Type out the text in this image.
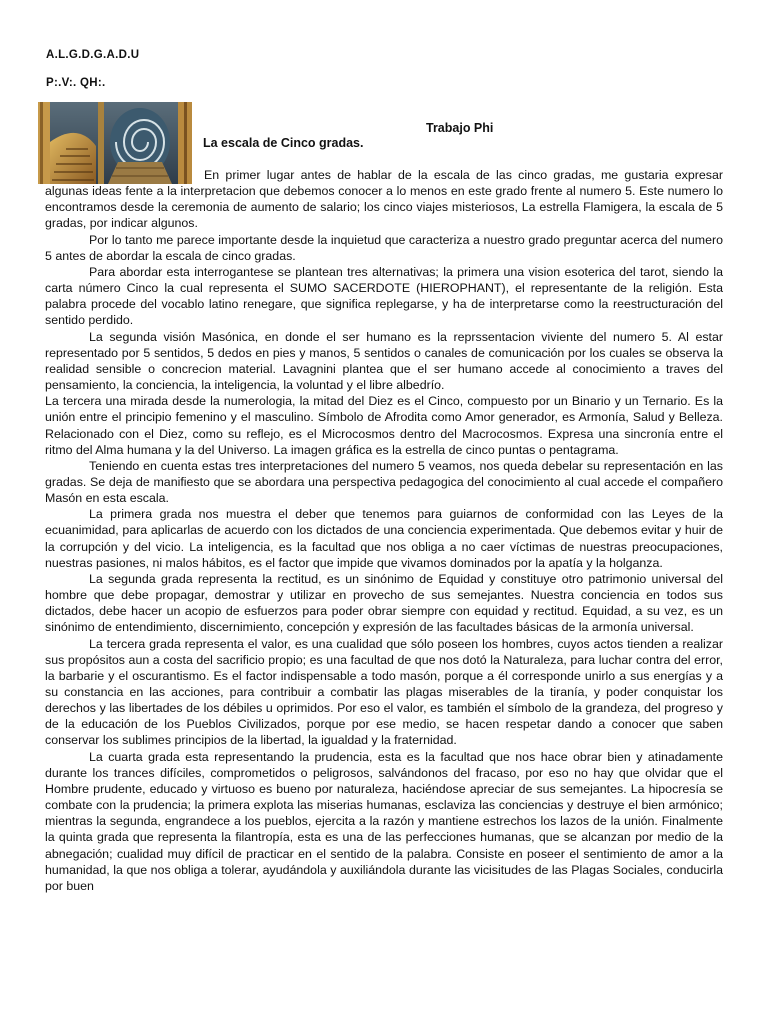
A.L.G.D.G.A.D.U
P:.V:. QH:.
Trabajo Phi
La escala de Cinco gradas.

En primer lugar antes de hablar de la escala de las cinco gradas, me gustaria expresar algunas ideas fente a la interpretacion que debemos conocer a lo menos en este grado frente al numero 5. Este numero lo encontramos desde la ceremonia de aumento de salario; los cinco viajes misteriosos, La estrella Flamigera, la escala de 5 gradas, por indicar algunos.

Por lo tanto me parece importante desde la inquietud que caracteriza a nuestro grado preguntar acerca del numero 5 antes de abordar la escala de cinco gradas.

Para abordar esta interrogantese se plantean tres alternativas; la primera una vision esoterica del tarot, siendo la carta número Cinco la cual representa el SUMO SACERDOTE (HIEROPHANT), el representante de la religión. Esta palabra procede del vocablo latino renegare, que significa replegarse, y ha de interpretarse como la reestructuración del sentido perdido.

La segunda visión Masónica, en donde el ser humano es la reprssentacion viviente del numero 5. Al estar representado por 5 sentidos, 5 dedos en pies y manos, 5 sentidos o canales de comunicación por los cuales se observa la realidad sensible o concrecion material. Lavagnini plantea que el ser humano accede al conocimiento a traves del pensamiento, la conciencia, la inteligencia, la voluntad y el libre albedrío.

La tercera una mirada desde la numerologia, la mitad del Diez es el Cinco, compuesto por un Binario y un Ternario. Es la unión entre el principio femenino y el masculino. Símbolo de Afrodita como Amor generador, es Armonía, Salud y Belleza. Relacionado con el Diez, como su reflejo, es el Microcosmos dentro del Macrocosmos. Expresa una sincronía entre el ritmo del Alma humana y la del Universo. La imagen gráfica es la estrella de cinco puntas o pentagrama.

Teniendo en cuenta estas tres interpretaciones del numero 5 veamos, nos queda debelar su representación en las gradas. Se deja de manifiesto que se abordara una perspectiva pedagogica del conocimiento al cual accede el compañero Masón en esta escala.

La primera grada nos muestra el deber que tenemos para guiarnos de conformidad con las Leyes de la ecuanimidad, para aplicarlas de acuerdo con los dictados de una conciencia experimentada. Que debemos evitar y huir de la corrupción y del vicio. La inteligencia, es la facultad que nos obliga a no caer víctimas de nuestras preocupaciones, nuestras pasiones, ni malos hábitos, es el factor que impide que vivamos dominados por la apatía y la holganza.

La segunda grada representa la rectitud, es un sinónimo de Equidad y constituye otro patrimonio universal del hombre que debe propagar, demostrar y utilizar en provecho de sus semejantes. Nuestra conciencia en todos sus dictados, debe hacer un acopio de esfuerzos para poder obrar siempre con equidad y rectitud. Equidad, a su vez, es un sinónimo de entendimiento, discernimiento, concepción y expresión de las facultades básicas de la armonía universal.

La tercera grada representa el valor, es una cualidad que sólo poseen los hombres, cuyos actos tienden a realizar sus propósitos aun a costa del sacrificio propio; es una facultad de que nos dotó la Naturaleza, para luchar contra del error, la barbarie y el oscurantismo. Es el factor indispensable a todo masón, porque a él corresponde unirlo a sus energías y a su constancia en las acciones, para contribuir a combatir las plagas miserables de la tiranía, y poder conquistar los derechos y las libertades de los débiles u oprimidos. Por eso el valor, es también el símbolo de la grandeza, del progreso y de la educación de los Pueblos Civilizados, porque por ese medio, se hacen respetar dando a conocer que saben conservar los sublimes principios de la libertad, la igualdad y la fraternidad.

La cuarta grada esta representando la prudencia, esta es la facultad que nos hace obrar bien y atinadamente durante los trances difíciles, comprometidos o peligrosos, salvándonos del fracaso, por eso no hay que olvidar que el Hombre prudente, educado y virtuoso es bueno por naturaleza, haciéndose apreciar de sus semejantes. La hipocresía se combate con la prudencia; la primera explota las miserias humanas, esclaviza las conciencias y destruye el bien armónico; mientras la segunda, engrandece a los pueblos, ejercita a la razón y mantiene estrechos los lazos de la unión. Finalmente la quinta grada que representa la filantropía, esta es una de las perfecciones humanas, que se alcanzan por medio de la abnegación; cualidad muy difícil de practicar en el sentido de la palabra. Consiste en poseer el sentimiento de amor a la humanidad, la que nos obliga a tolerar, ayudándola y auxiliándola durante las vicisitudes de las Plagas Sociales, conducirla por buen
